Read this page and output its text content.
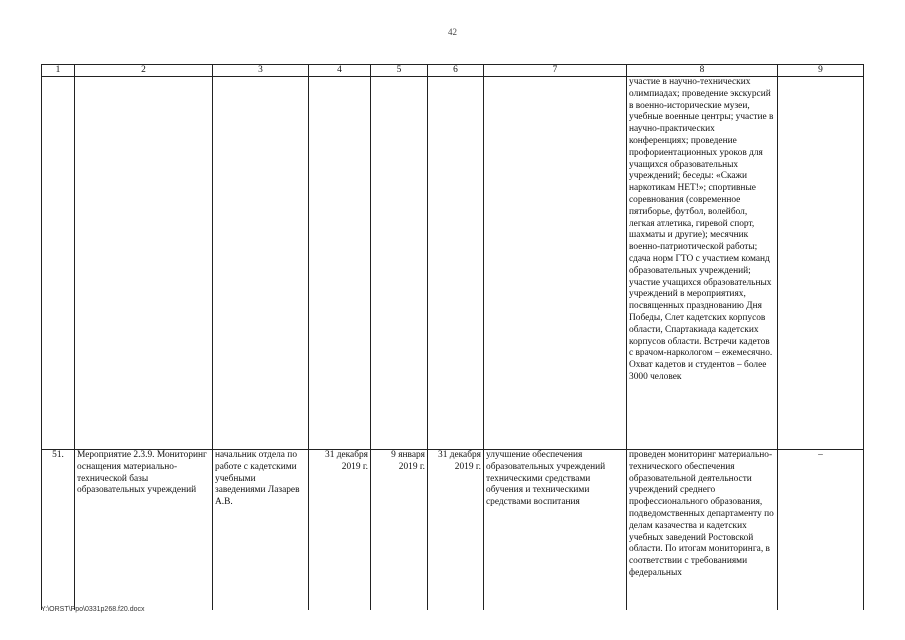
42
1	2	3	4	5	6	7	8	9
							участие в научно-технических олимпиадах; проведение экскурсий в военно-исторические музеи, учебные военные центры; участие в научно-практических конференциях; проведение профориентационных уроков для учащихся образовательных учреждений; беседы: «Скажи наркотикам НЕТ!»; спортивные соревнования (современное пятиборье, футбол, волейбол, легкая атлетика, гиревой спорт, шахматы и другие); месячник военно-патриотической работы; сдача норм ГТО с участием команд образовательных учреждений; участие учащихся образовательных учреждений в мероприятиях, посвященных празднованию Дня Победы, Слет кадетских корпусов области, Спартакиада кадетских корпусов области. Встречи кадетов с врачом-наркологом – ежемесячно. Охват кадетов и студентов – более 3000 человек	
51.	Мероприятие 2.3.9. Мониторинг оснащения материально-технической базы образовательных учреждений	начальник отдела по работе с кадетскими учебными заведениями Лазарев А.В.	31 декабря 2019 г.	9 января 2019 г.	31 декабря 2019 г.	улучшение обеспечения образовательных учреждений техническими средствами обучения и техническими средствами воспитания	проведен мониторинг материально-технического обеспечения образовательной деятельности учреждений среднего профессионального образования, подведомственных департаменту по делам казачества и кадетских учебных заведений Ростовской области. По итогам мониторинга, в соответствии с требованиями федеральных	–
Y:\ORST\Ppo\0331p268.f20.docx
